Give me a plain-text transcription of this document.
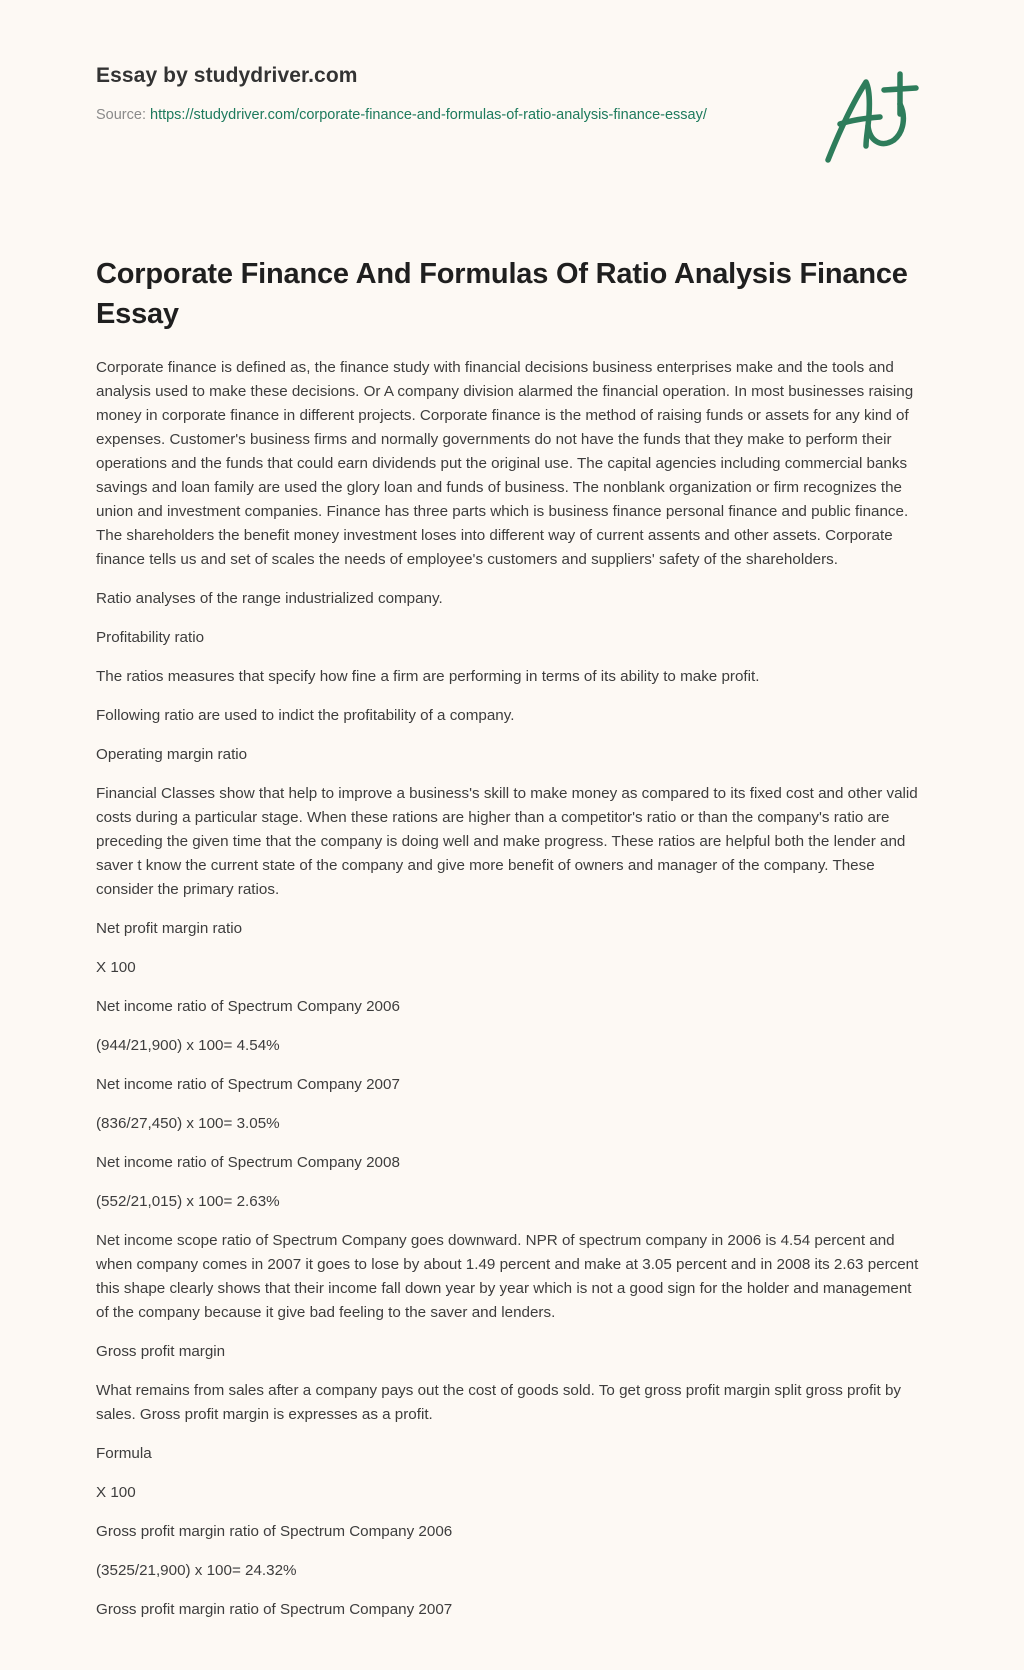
Essay by studydriver.com
Source: https://studydriver.com/corporate-finance-and-formulas-of-ratio-analysis-finance-essay/
Corporate Finance And Formulas Of Ratio Analysis Finance Essay

Corporate finance is defined as, the finance study with financial decisions business enterprises make and the tools and analysis used to make these decisions. Or A company division alarmed the financial operation. In most businesses raising money in corporate finance in different projects. Corporate finance is the method of raising funds or assets for any kind of expenses. Customer's business firms and normally governments do not have the funds that they make to perform their operations and the funds that could earn dividends put the original use. The capital agencies including commercial banks savings and loan family are used the glory loan and funds of business. The nonblank organization or firm recognizes the union and investment companies. Finance has three parts which is business finance personal finance and public finance. The shareholders the benefit money investment loses into different way of current assents and other assets. Corporate finance tells us and set of scales the needs of employee's customers and suppliers' safety of the shareholders.

Ratio analyses of the range industrialized company.

Profitability ratio

The ratios measures that specify how fine a firm are performing in terms of its ability to make profit.

Following ratio are used to indict the profitability of a company.

Operating margin ratio

Financial Classes show that help to improve a business's skill to make money as compared to its fixed cost and other valid costs during a particular stage. When these rations are higher than a competitor's ratio or than the company's ratio are preceding the given time that the company is doing well and make progress. These ratios are helpful both the lender and saver t know the current state of the company and give more benefit of owners and manager of the company. These consider the primary ratios.

Net profit margin ratio

X 100

Net income ratio of Spectrum Company 2006

(944/21,900) x 100= 4.54%

Net income ratio of Spectrum Company 2007

(836/27,450) x 100= 3.05%

Net income ratio of Spectrum Company 2008

(552/21,015) x 100= 2.63%

Net income scope ratio of Spectrum Company goes downward. NPR of spectrum company in 2006 is 4.54 percent and when company comes in 2007 it goes to lose by about 1.49 percent and make at 3.05 percent and in 2008 its 2.63 percent this shape clearly shows that their income fall down year by year which is not a good sign for the holder and management of the company because it give bad feeling to the saver and lenders.

Gross profit margin

What remains from sales after a company pays out the cost of goods sold. To get gross profit margin split gross profit by sales. Gross profit margin is expresses as a profit.

Formula

X 100

Gross profit margin ratio of Spectrum Company 2006

(3525/21,900) x 100= 24.32%

Gross profit margin ratio of Spectrum Company 2007
